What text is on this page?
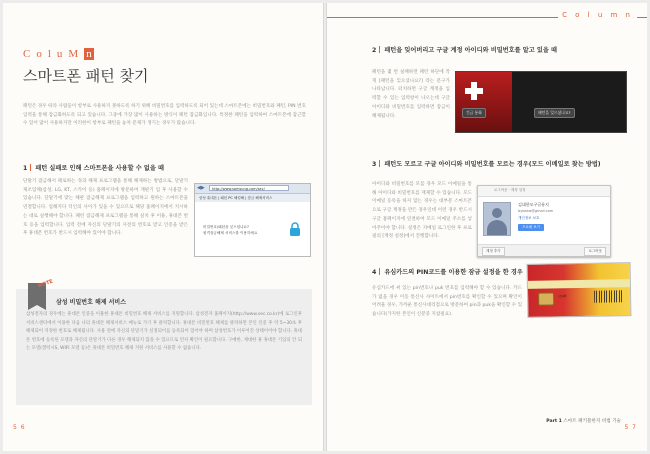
ColuM n
스마트폰 패턴 찾기
패턴은 경우 따라 사람들이 항부로 사용하지 못하도록 하기 위해 비밀번호를 입력하도록 되어 있는데 스마트폰에는 비밀번호와 패턴, PIN 번호 입력을 통해 잠금화하도록 되고 있습니다. 그중에 가장 많이 사용하는 방식이 패턴 잠금화입니다. 특정한 패턴을 입력하여 스마트폰에 잠근할 수 있어 많이 사용하지만 이러한이 항부로 패턴을 놓쳐 문제가 생기는 경우가 많습니다.
1 패턴 실패로 인해 스마트폰을 사용할 수 없을 때
단말기 잠금해서 패로하는 경과 해제 프로그램을 통해 해제하는 방법으로, 단말기 제조업체(삼성, LG, KT, 스카이 등) 홈페이지에 방문하여 재판기 입 후 사용할 수 있습니다. 단말기에 맞는 해판 잠금해제 프로그램을 입력하고 원하는 스마트폰을 연결합니다. 업해지다 덕인의 사이가 있을 수 있으므로 해당 홈페이지에서 지시하는 대로 실행해야 합니다. 패턴 잠금해제 프로그램을 통해 실치 후 이용, 휴대폰 번호 등을 입력합니다. 입력 전에 자신의 단말기의 사전의 번호로 받고 인증을 받은 후 휴대폰 번호가 반드시 입력해야 있어야 합니다.
◀▶	http://www.samsung.com/sec/
삼성 휴대폰 | 패턴 PC 해킹해 | 잠금 해제서비스
비밀번호/패턴을 잊으셨나요?
원격잠금해제 서비스를 이용하세요
NOTE
삼성 비밀번호 해제 서비스
삼성전자의 경우에는 휴대폰 인증을 이용한 휴대폰 비밀번호 해제 서비스를 지원합니다. 삼성전자 홈페이지(http://www.sec.co.kr)에 로그인후 서비스센터에서 이용한 다음 나의 휴대폰 해제서비스 메뉴로 가기 후 클릭합니다. 휴대폰 비밀번호 해제를 클릭하면 본인 인증 후 약 5~30초 후 해제되어 지정한 번호로 해제됩니다. 사용 전에 자신의 단말기가 실정되어를 등록되어 있어야 하며 삼성번호가 이루어진 상태이어야 합니다. 휴대폰 번호에 등록된 모델과 자신의 단말기가 다른 경우 해제되지 않을 수 있으므로 먼저 확인이 필요합니다. 구매한, 제대한 휴 휴대폰 기입의 안 되는 모델(갤럭시S, WIFI 모델 등)은 휴대폰 비밀번호 해제 지원 서비스를 사용할 수 없습니다.
5 6
C o l u m n
2 패턴을 잊어버리고 구글 계정 아이디와 비밀번호를 알고 있을 때
패턴을 몇 번 실패하면 패턴 하단에 작게 [패턴을 잊으셨나요?] 라는 문구가 나타납니다. 터치하면 구글 계정을 입력할 수 있는 입력창이 나오는데 구글 아이디와 비밀번호를 입력하면 잠금이 해제됩니다.
긴급 통화	패턴을 잊으셨나요?
3 패턴도 모르고 구글 아이디와 비밀번호를 모르는 경우(모드 이메일로 찾는 방법)
아이디와 비밀번호를 모를 경우 모드 이메일을 통해 아이디와 비밀번호를 재제할 수 있습니다. 모드 이메일 등록을 하지 않는 경우는 대부분 스마트폰으로 구글 계정을 만든 경우인데 이런 경우 반드시 구글 홈페이지에 연결하여 모드 이메일 주소를 넣어주어야 합니다. 설정은 지메일 로그인한 후 프로필의 [계정 설정]에서 진행합니다.
로그아웃 · 계정 설정
김대한모구글뮤지
bykeaw@gmail.com
개인정보 보호
프로필 보기
계정 추가	로그아웃
4 유심카드의 PIN코드를 이용한 잠금 설정을 한 경우
유심카드에 써 있는 pin번호나 puk 번호를 입력해야 할 수 있습니다. 카드가 없을 경우 이동 통신사 사이트에서 pin번호를 확인할 수 있으며 확인이 어려울 경우, 가까운 통신사대리점으로 방문하여 pin과 puk을 확인할 수 있습니다(가지한 본인이 신분증 지참필요).
USIM
Part 1 스마트 패키블한지 비법 기술
5 7
